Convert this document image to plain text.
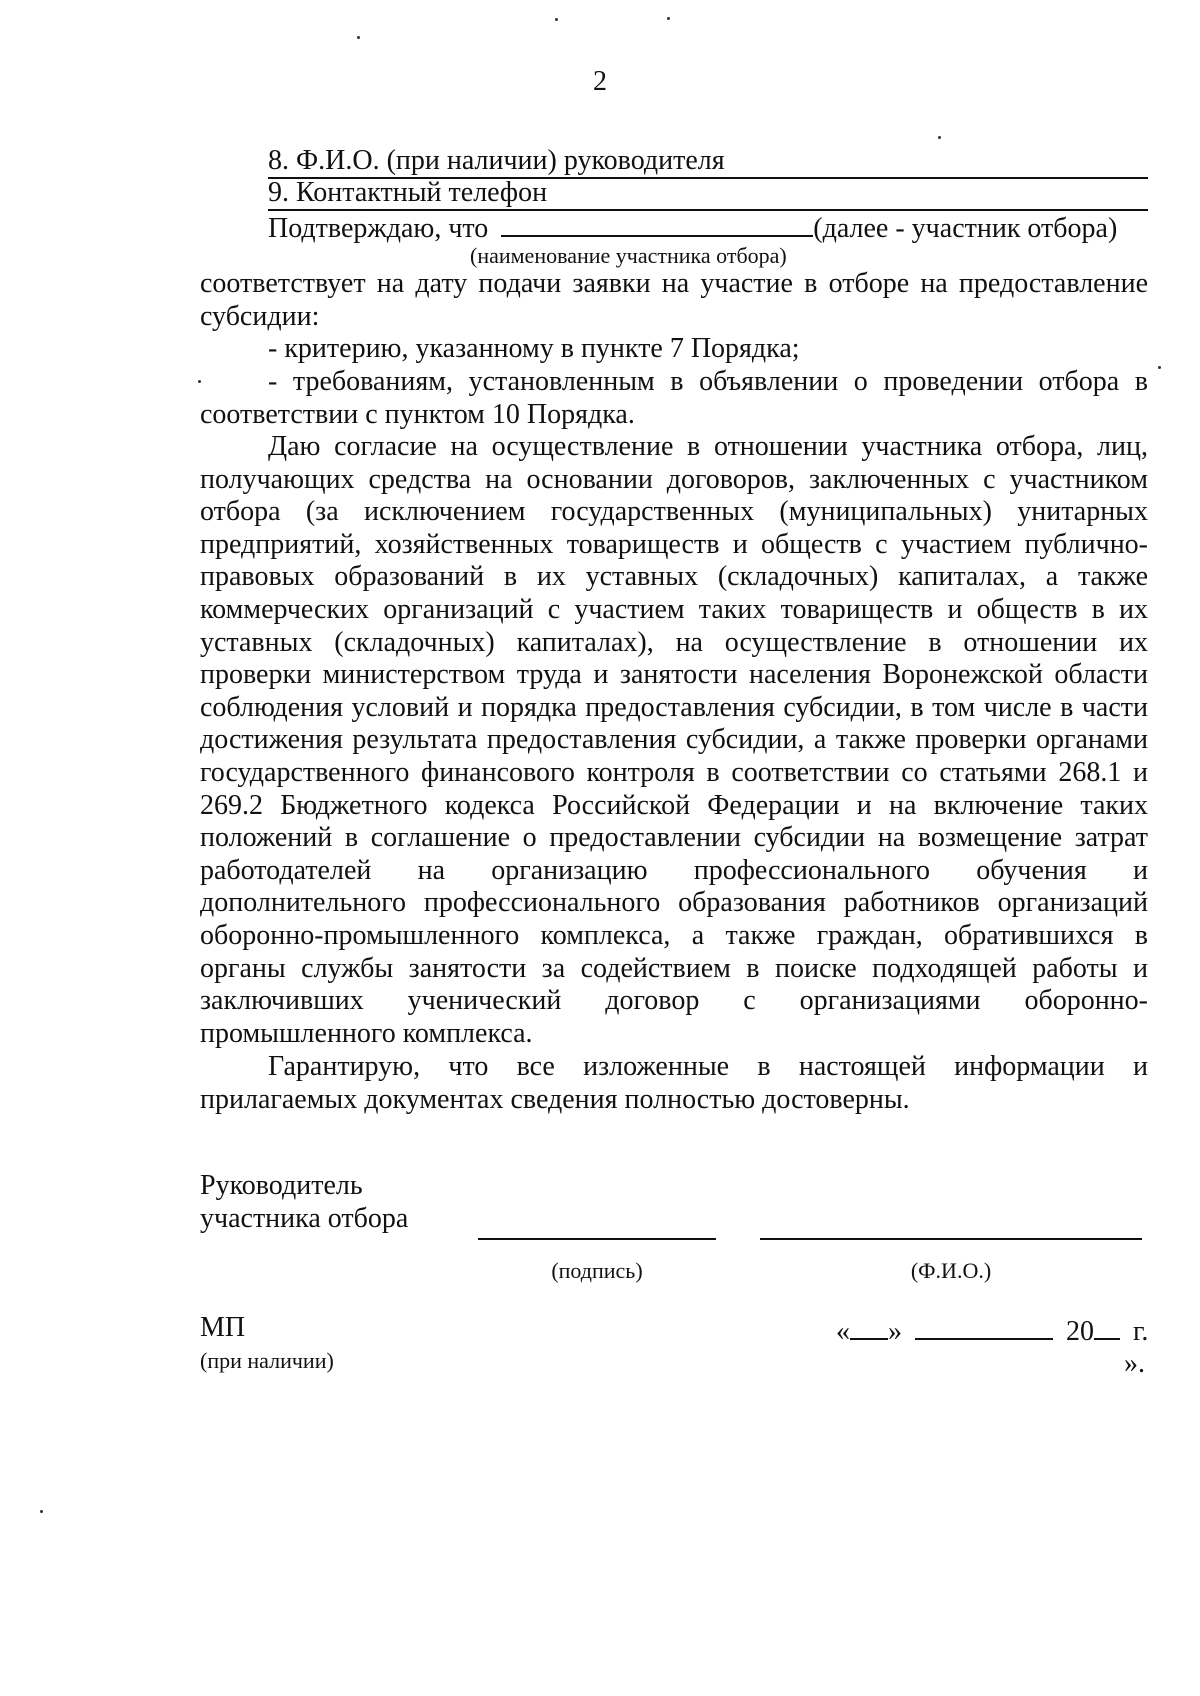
2
8. Ф.И.О. (при наличии) руководителя
9. Контактный телефон
Подтверждаю, что	(далее - участник отбора)
(наименование участника отбора)

соответствует на дату подачи заявки на участие в отборе на предоставление субсидии:

- критерию, указанному в пункте 7 Порядка;

- требованиям, установленным в объявлении о проведении отбора в соответствии с пунктом 10 Порядка.

Даю согласие на осуществление в отношении участника отбора, лиц, получающих средства на основании договоров, заключенных с участником отбора (за исключением государственных (муниципальных) унитарных предприятий, хозяйственных товариществ и обществ с участием публично-правовых образований в их уставных (складочных) капиталах, а также коммерческих организаций с участием таких товариществ и обществ в их уставных (складочных) капиталах), на осуществление в отношении их проверки министерством труда и занятости населения Воронежской области соблюдения условий и порядка предоставления субсидии, в том числе в части достижения результата предоставления субсидии, а также проверки органами государственного финансового контроля в соответствии со статьями 268.1 и 269.2 Бюджетного кодекса Российской Федерации и на включение таких положений в соглашение о предоставлении субсидии на возмещение затрат работодателей на организацию профессионального обучения и дополнительного профессионального образования работников организаций оборонно-промышленного комплекса, а также граждан, обратившихся в органы службы занятости за содействием в поиске подходящей работы и заключивших ученический договор с организациями оборонно-промышленного комплекса.

Гарантирую, что все изложенные в настоящей информации и прилагаемых документах сведения полностью достоверны.

Руководитель
участника отбора
(подпись)	(Ф.И.О.)
МП
(при наличии)
« »	20 г.
».
